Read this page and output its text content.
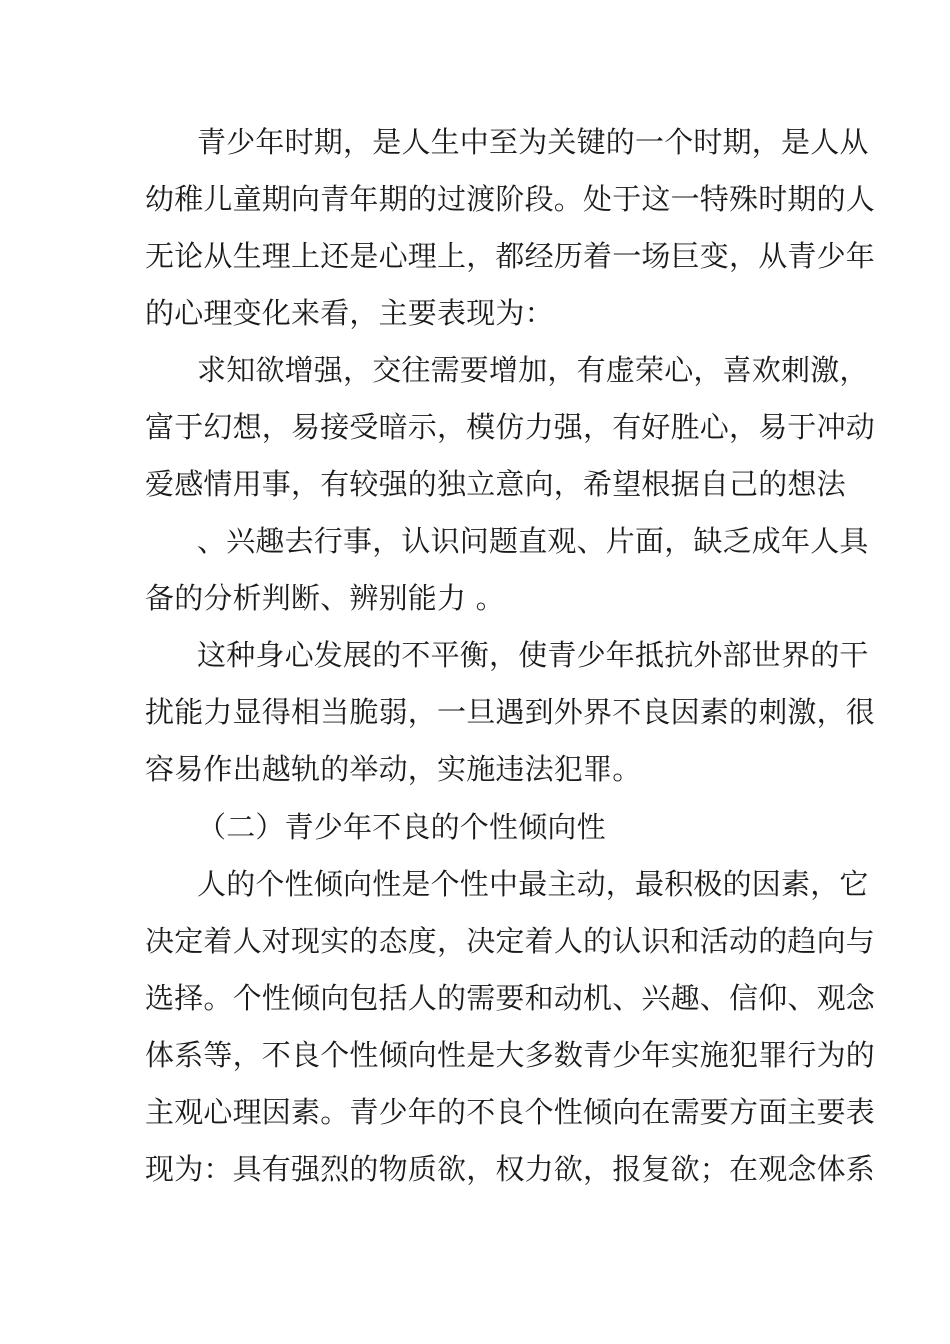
青少年时期，是人生中至为关键的一个时期，是人从

幼稚儿童期向青年期的过渡阶段。处于这一特殊时期的人

无论从生理上还是心理上，都经历着一场巨变，从青少年

的心理变化来看，主要表现为：

求知欲增强，交往需要增加，有虚荣心，喜欢刺激，

富于幻想，易接受暗示，模仿力强，有好胜心，易于冲动

爱感情用事，有较强的独立意向，希望根据自己的想法

、兴趣去行事，认识问题直观、片面，缺乏成年人具

备的分析判断、辨别能力 。

这种身心发展的不平衡，使青少年抵抗外部世界的干

扰能力显得相当脆弱，一旦遇到外界不良因素的刺激，很

容易作出越轨的举动，实施违法犯罪。

（二）青少年不良的个性倾向性

人的个性倾向性是个性中最主动，最积极的因素，它

决定着人对现实的态度，决定着人的认识和活动的趋向与

选择。个性倾向包括人的需要和动机、兴趣、信仰、观念

体系等，不良个性倾向性是大多数青少年实施犯罪行为的

主观心理因素。青少年的不良个性倾向在需要方面主要表

现为：具有强烈的物质欲，权力欲，报复欲；在观念体系
